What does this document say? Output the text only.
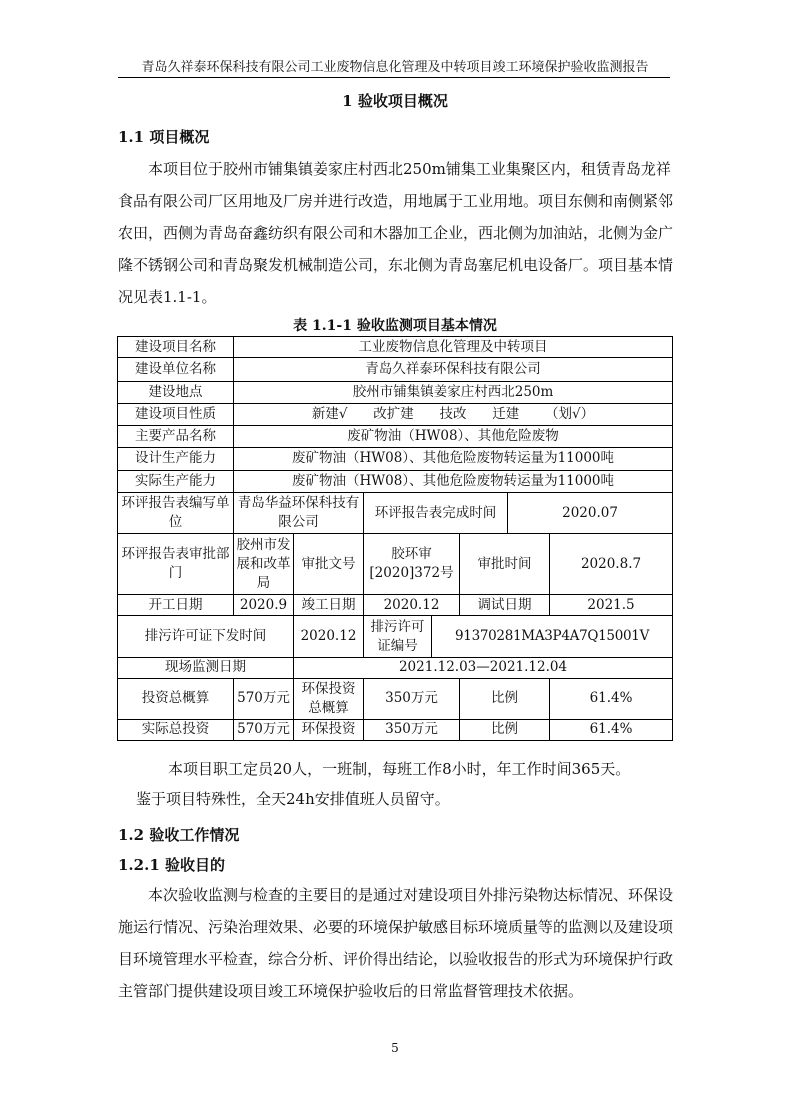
青岛久祥泰环保科技有限公司工业废物信息化管理及中转项目竣工环境保护验收监测报告
1 验收项目概况
1.1 项目概况
本项目位于胶州市铺集镇姜家庄村西北250m铺集工业集聚区内，租赁青岛龙祥食品有限公司厂区用地及厂房并进行改造，用地属于工业用地。项目东侧和南侧紧邻农田，西侧为青岛奋鑫纺织有限公司和木器加工企业，西北侧为加油站，北侧为金广隆不锈钢公司和青岛聚发机械制造公司，东北侧为青岛塞尼机电设备厂。项目基本情况见表1.1-1。
表 1.1-1 验收监测项目基本情况
建设项目名称	工业废物信息化管理及中转项目						
建设单位名称	青岛久祥泰环保科技有限公司						
建设地点	胶州市铺集镇姜家庄村西北250m						
建设项目性质	新建√      改扩建      技改      迁建      （划√）						
主要产品名称	废矿物油（HW08）、其他危险废物						
设计生产能力	废矿物油（HW08）、其他危险废物转运量为11000吨						
实际生产能力	废矿物油（HW08）、其他危险废物转运量为11000吨						
环评报告表编写单位	青岛华益环保科技有限公司		环评报告表完成时间			2020.07	
环评报告表审批部门	胶州市发展和改革局	审批文号	胶环审[2020]372号		审批时间		2020.8.7
开工日期	2020.9	竣工日期	2020.12		调试日期		2021.5
排污许可证下发时间		2020.12	排污许可证编号	91370281MA3P4A7Q15001V			
现场监测日期		2021.12.03—2021.12.04					
投资总概算	570万元	环保投资总概算	350万元		比例		61.4%
实际总投资	570万元	环保投资	350万元		比例		61.4%
本项目职工定员20人，一班制，每班工作8小时，年工作时间365天。
鉴于项目特殊性，全天24h安排值班人员留守。
1.2 验收工作情况
1.2.1 验收目的
本次验收监测与检查的主要目的是通过对建设项目外排污染物达标情况、环保设施运行情况、污染治理效果、必要的环境保护敏感目标环境质量等的监测以及建设项目环境管理水平检查，综合分析、评价得出结论，以验收报告的形式为环境保护行政主管部门提供建设项目竣工环境保护验收后的日常监督管理技术依据。
5
